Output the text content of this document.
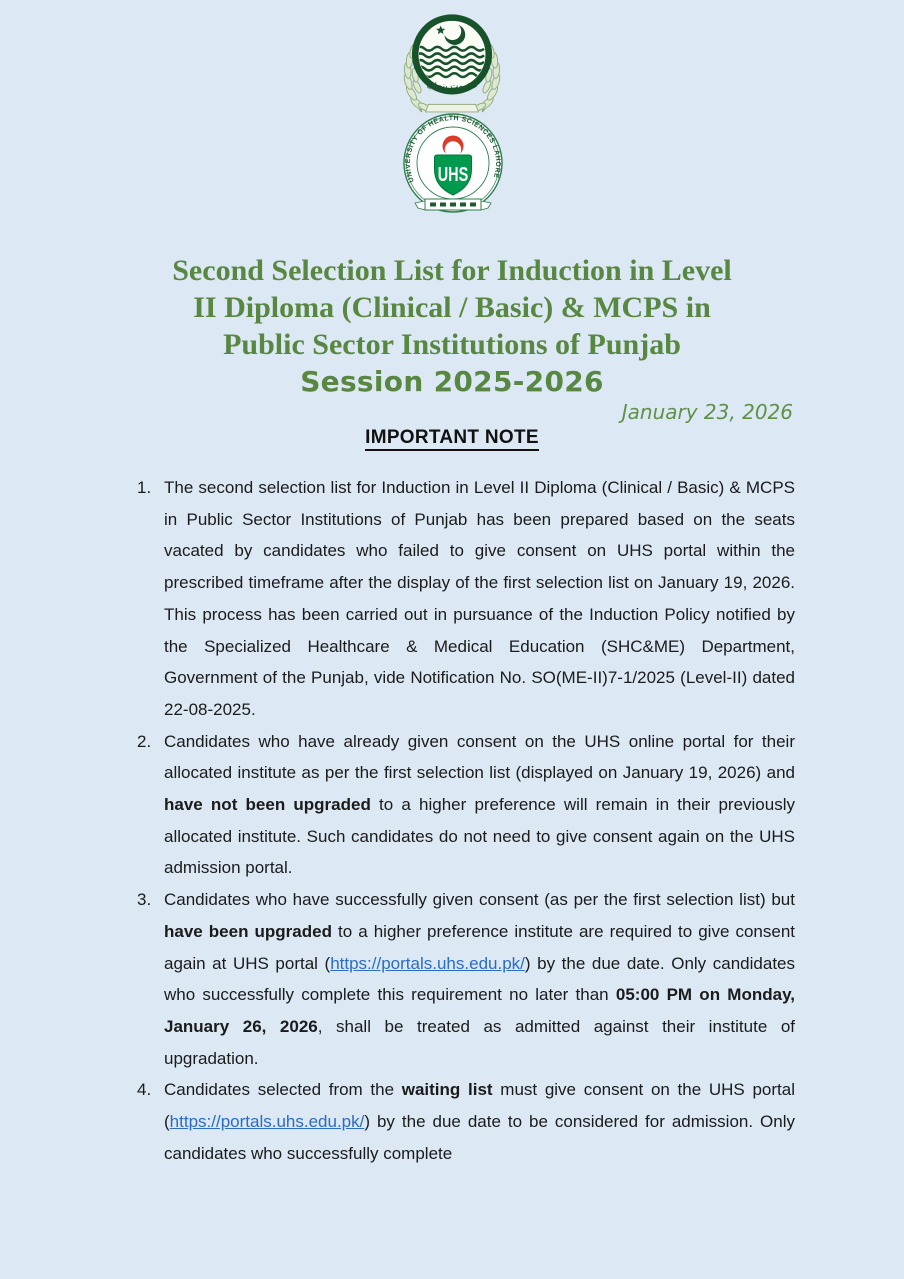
حکومت پنجاب
UNIVERSITY OF HEALTH SCIENCES LAHORE
UHS
Second Selection List for Induction in Level
II Diploma (Clinical / Basic) & MCPS in
Public Sector Institutions of Punjab
Session 2025-2026
January 23, 2026
IMPORTANT NOTE
1. The second selection list for Induction in Level II Diploma (Clinical / Basic) & MCPS in Public Sector Institutions of Punjab has been prepared based on the seats vacated by candidates who failed to give consent on UHS portal within the prescribed timeframe after the display of the first selection list on January 19, 2026. This process has been carried out in pursuance of the Induction Policy notified by the Specialized Healthcare & Medical Education (SHC&ME) Department, Government of the Punjab, vide Notification No. SO(ME-II)7-1/2025 (Level-II) dated 22-08-2025.
2. Candidates who have already given consent on the UHS online portal for their allocated institute as per the first selection list (displayed on January 19, 2026) and have not been upgraded to a higher preference will remain in their previously allocated institute. Such candidates do not need to give consent again on the UHS admission portal.
3. Candidates who have successfully given consent (as per the first selection list) but have been upgraded to a higher preference institute are required to give consent again at UHS portal (https://portals.uhs.edu.pk/) by the due date. Only candidates who successfully complete this requirement no later than 05:00 PM on Monday, January 26, 2026, shall be treated as admitted against their institute of upgradation.
4. Candidates selected from the waiting list must give consent on the UHS portal (https://portals.uhs.edu.pk/) by the due date to be considered for admission. Only candidates who successfully complete
